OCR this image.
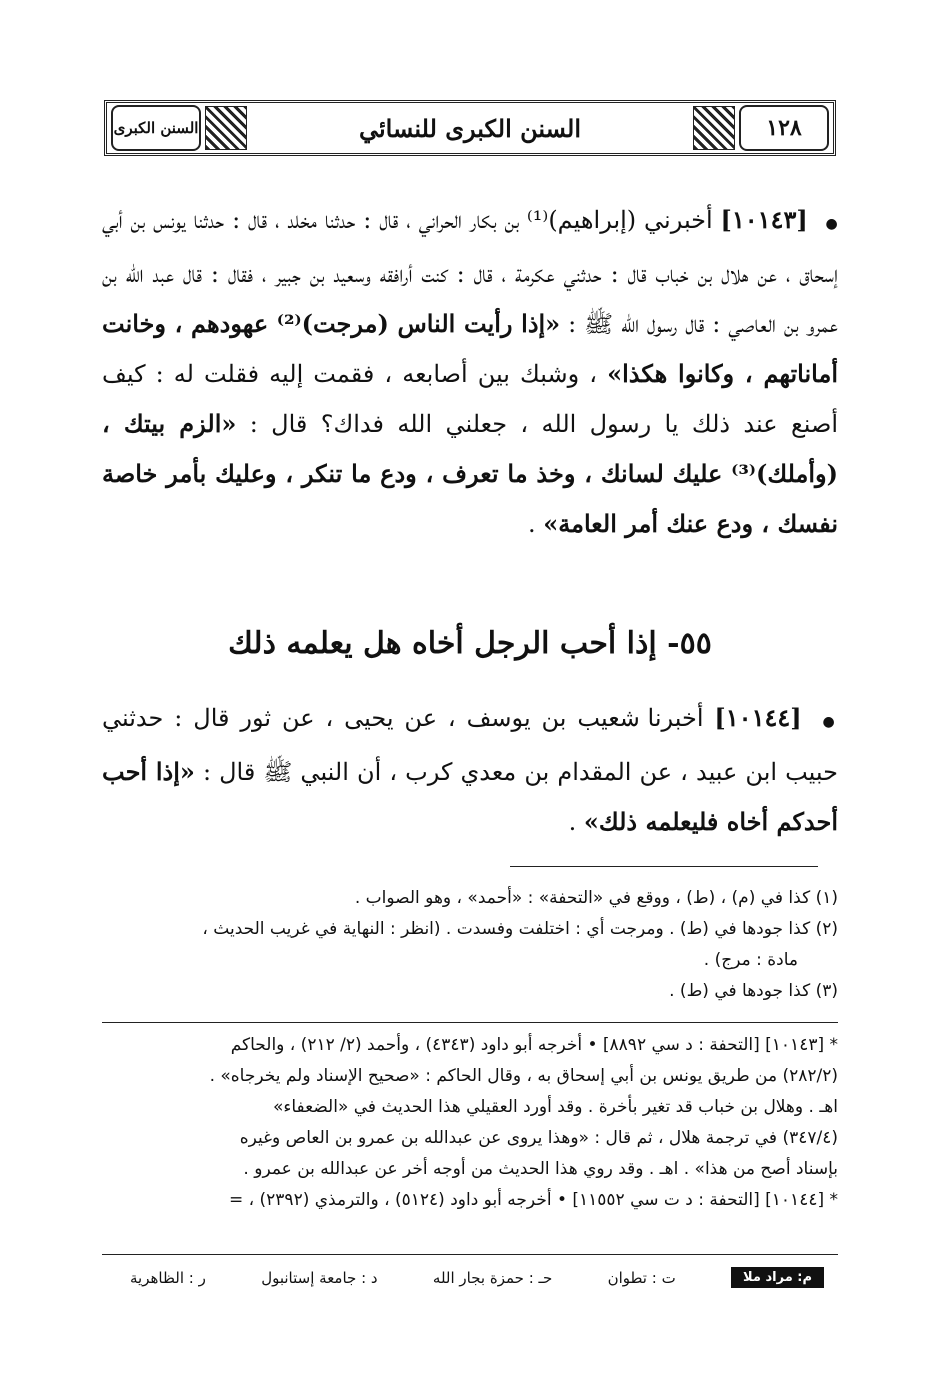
السنن الكبرى	السنن الكبرى للنسائي	١٢٨
● [١٠١٤٣] أخبرني (إبراهيم)⁽¹⁾ بن بكار الحراني ، قال : حدثنا مخلد ، قال : حدثنا يونس بن أبي إسحاق ، عن هلال بن خباب قال : حدثني عكرمة ، قال : كنت أرافقه وسعيد بن جبير ، فقال : قال عبد الله بن عمرو بن العاصي : قال رسول الله ﷺ : «إذا رأيت الناس (مرجت)⁽²⁾ عهودهم ، وخانت أماناتهم ، وكانوا هكذا» ، وشبك بين أصابعه ، فقمت إليه فقلت له : كيف أصنع عند ذلك يا رسول الله ، جعلني الله فداك؟ قال : «الزم بيتك ، (وأملك)⁽³⁾ عليك لسانك ، وخذ ما تعرف ، ودع ما تنكر ، وعليك بأمر خاصة نفسك ، ودع عنك أمر العامة» .
٥٥- إذا أحب الرجل أخاه هل يعلمه ذلك
● [١٠١٤٤] أخبرنا شعيب بن يوسف ، عن يحيى ، عن ثور قال : حدثني حبيب ابن عبيد ، عن المقدام بن معدي كرب ، أن النبي ﷺ قال : «إذا أحب أحدكم أخاه فليعلمه ذلك» .

(١) كذا في (م) ، (ط) ، ووقع في «التحفة» : «أحمد» ، وهو الصواب .

(٢) كذا جودها في (ط) . ومرجت أي : اختلفت وفسدت . (انظر : النهاية في غريب الحديث ،

مادة : مرج) .

(٣) كذا جودها في (ط) .

* [١٠١٤٣] [التحفة : د سي ٨٨٩٢] • أخرجه أبو داود (٤٣٤٣) ، وأحمد (٢/ ٢١٢) ، والحاكم

(٢٨٢/٢) من طريق يونس بن أبي إسحاق به ، وقال الحاكم : «صحيح الإسناد ولم يخرجاه» .

اهـ . وهلال بن خباب قد تغير بأخرة . وقد أورد العقيلي هذا الحديث في «الضعفاء»

(٣٤٧/٤) في ترجمة هلال ، ثم قال : «وهذا يروى عن عبدالله بن عمرو بن العاص وغيره

بإسناد أصح من هذا» . اهـ . وقد روي هذا الحديث من أوجه أخر عن عبدالله بن عمرو .

* [١٠١٤٤] [التحفة : د ت سي ١١٥٥٢] • أخرجه أبو داود (٥١٢٤) ، والترمذي (٢٣٩٢) ، =

م: مراد ملا
ت : تطوان
حـ : حمزة بجار الله
د : جامعة إستانبول
ر : الظاهرية
